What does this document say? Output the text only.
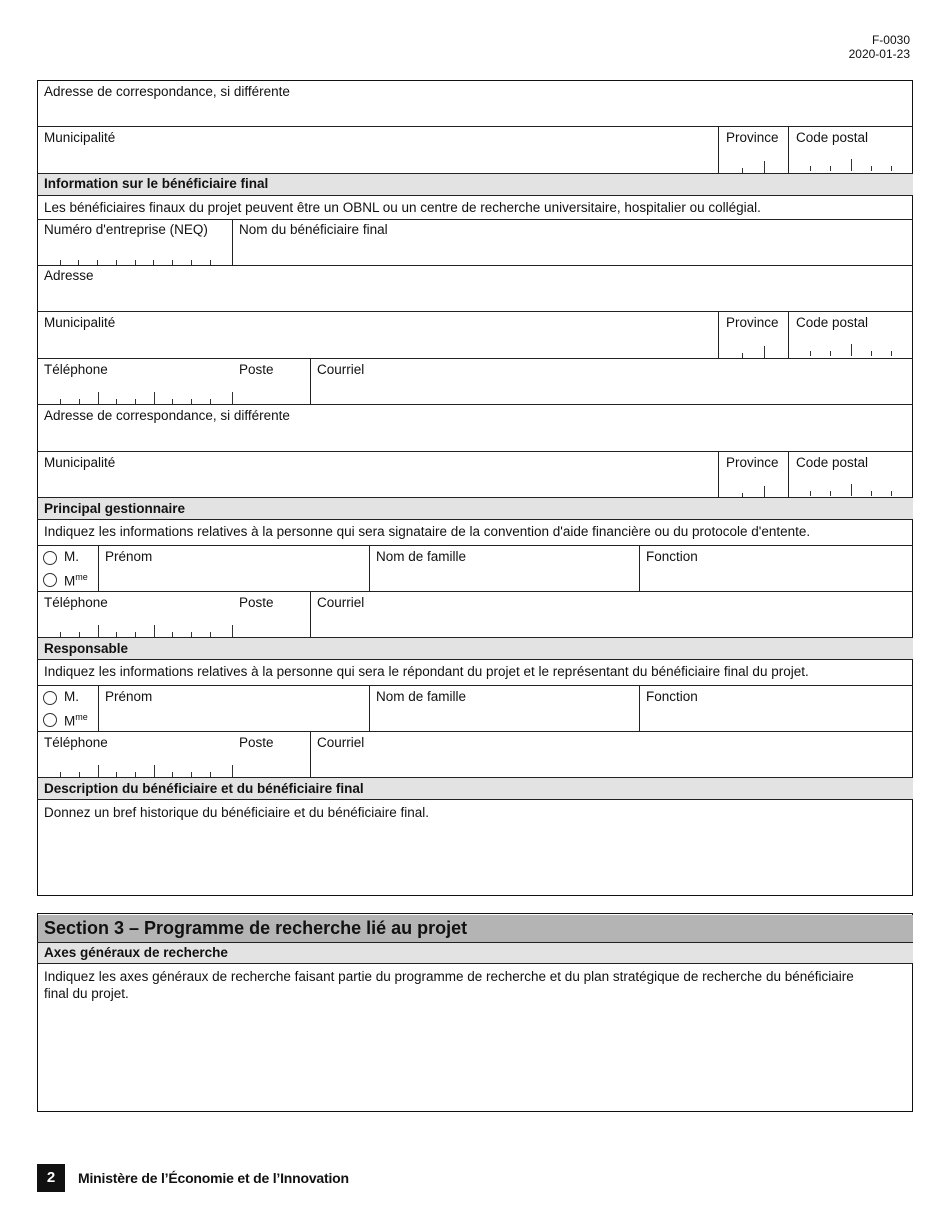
F-0030
2020-01-23
Adresse de correspondance, si différente
Municipalité	Province Code postal
Information sur le bénéficiaire final
Les bénéficiaires finaux du projet peuvent être un OBNL ou un centre de recherche universitaire, hospitalier ou collégial.
Numéro d'entreprise (NEQ) Nom du bénéficiaire final
Adresse
Municipalité	Province Code postal
Téléphone	Poste	Courriel
Adresse de correspondance, si différente
Municipalité	Province Code postal
Principal gestionnaire
Indiquez les informations relatives à la personne qui sera signataire de la convention d'aide financière ou du protocole d'entente.
M.
$M^{me}$
Prénom	Nom de famille	Fonction
Téléphone	Poste	Courriel
Responsable
Indiquez les informations relatives à la personne qui sera le répondant du projet et le représentant du bénéficiaire final du projet.
M.
$M^{me}$
Prénom	Nom de famille	Fonction
Téléphone	Poste	Courriel
Description du bénéficiaire et du bénéficiaire final
Donnez un bref historique du bénéficiaire et du bénéficiaire final.
Section 3 – Programme de recherche lié au projet
Axes généraux de recherche
Indiquez les axes généraux de recherche faisant partie du programme de recherche et du plan stratégique de recherche du bénéficiaire
final du projet.
2	Ministère de l’Économie et de l’Innovation
